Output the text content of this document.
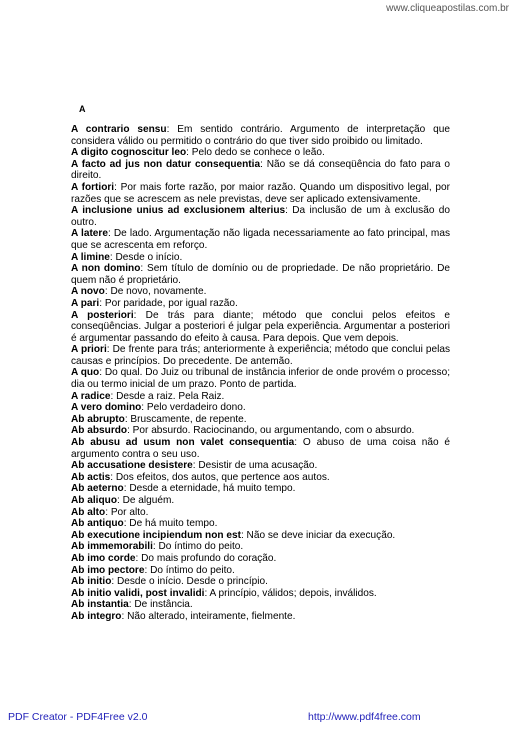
www.cliqueapostilas.com.br
A

A contrario sensu: Em sentido contrário. Argumento de interpretação que considera válido ou permitido o contrário do que tiver sido proibido ou limitado.

A digito cognoscitur leo: Pelo dedo se conhece o leão.

A facto ad jus non datur consequentia: Não se dá conseqüência do fato para o direito.

A fortiori: Por mais forte razão, por maior razão. Quando um dispositivo legal, por razões que se acrescem as nele previstas, deve ser aplicado extensivamente.

A inclusione unius ad exclusionem alterius: Da inclusão de um à exclusão do outro.

A latere: De lado. Argumentação não ligada necessariamente ao fato principal, mas que se acrescenta em reforço.

A limine: Desde o início.

A non domino: Sem título de domínio ou de propriedade. De não proprietário. De quem não é proprietário.

A novo: De novo, novamente.

A pari: Por paridade, por igual razão.

A posteriori: De trás para diante; método que conclui pelos efeitos e conseqüências. Julgar a posteriori é julgar pela experiência. Argumentar a posteriori é argumentar passando do efeito à causa. Para depois. Que vem depois.

A priori: De frente para trás; anteriormente à experiência; método que conclui pelas causas e princípios. Do precedente. De antemão.

A quo: Do qual. Do Juiz ou tribunal de instância inferior de onde provém o processo; dia ou termo inicial de um prazo. Ponto de partida.

A radice: Desde a raiz. Pela Raiz.

A vero domino: Pelo verdadeiro dono.

Ab abrupto: Bruscamente, de repente.

Ab absurdo: Por absurdo. Raciocinando, ou argumentando, com o absurdo.

Ab abusu ad usum non valet consequentia: O abuso de uma coisa não é argumento contra o seu uso.

Ab accusatione desistere: Desistir de uma acusação.

Ab actis: Dos efeitos, dos autos, que pertence aos autos.

Ab aeterno: Desde a eternidade, há muito tempo.

Ab aliquo: De alguém.

Ab alto: Por alto.

Ab antiquo: De há muito tempo.

Ab executione incipiendum non est: Não se deve iniciar da execução.

Ab immemorabili: Do íntimo do peito.

Ab imo corde: Do mais profundo do coração.

Ab imo pectore: Do íntimo do peito.

Ab initio: Desde o início. Desde o princípio.

Ab initio validi, post invalidi: A princípio, válidos; depois, inválidos.

Ab instantia: De instância.

Ab integro: Não alterado, inteiramente, fielmente.

PDF Creator - PDF4Free v2.0	http://www.pdf4free.com
